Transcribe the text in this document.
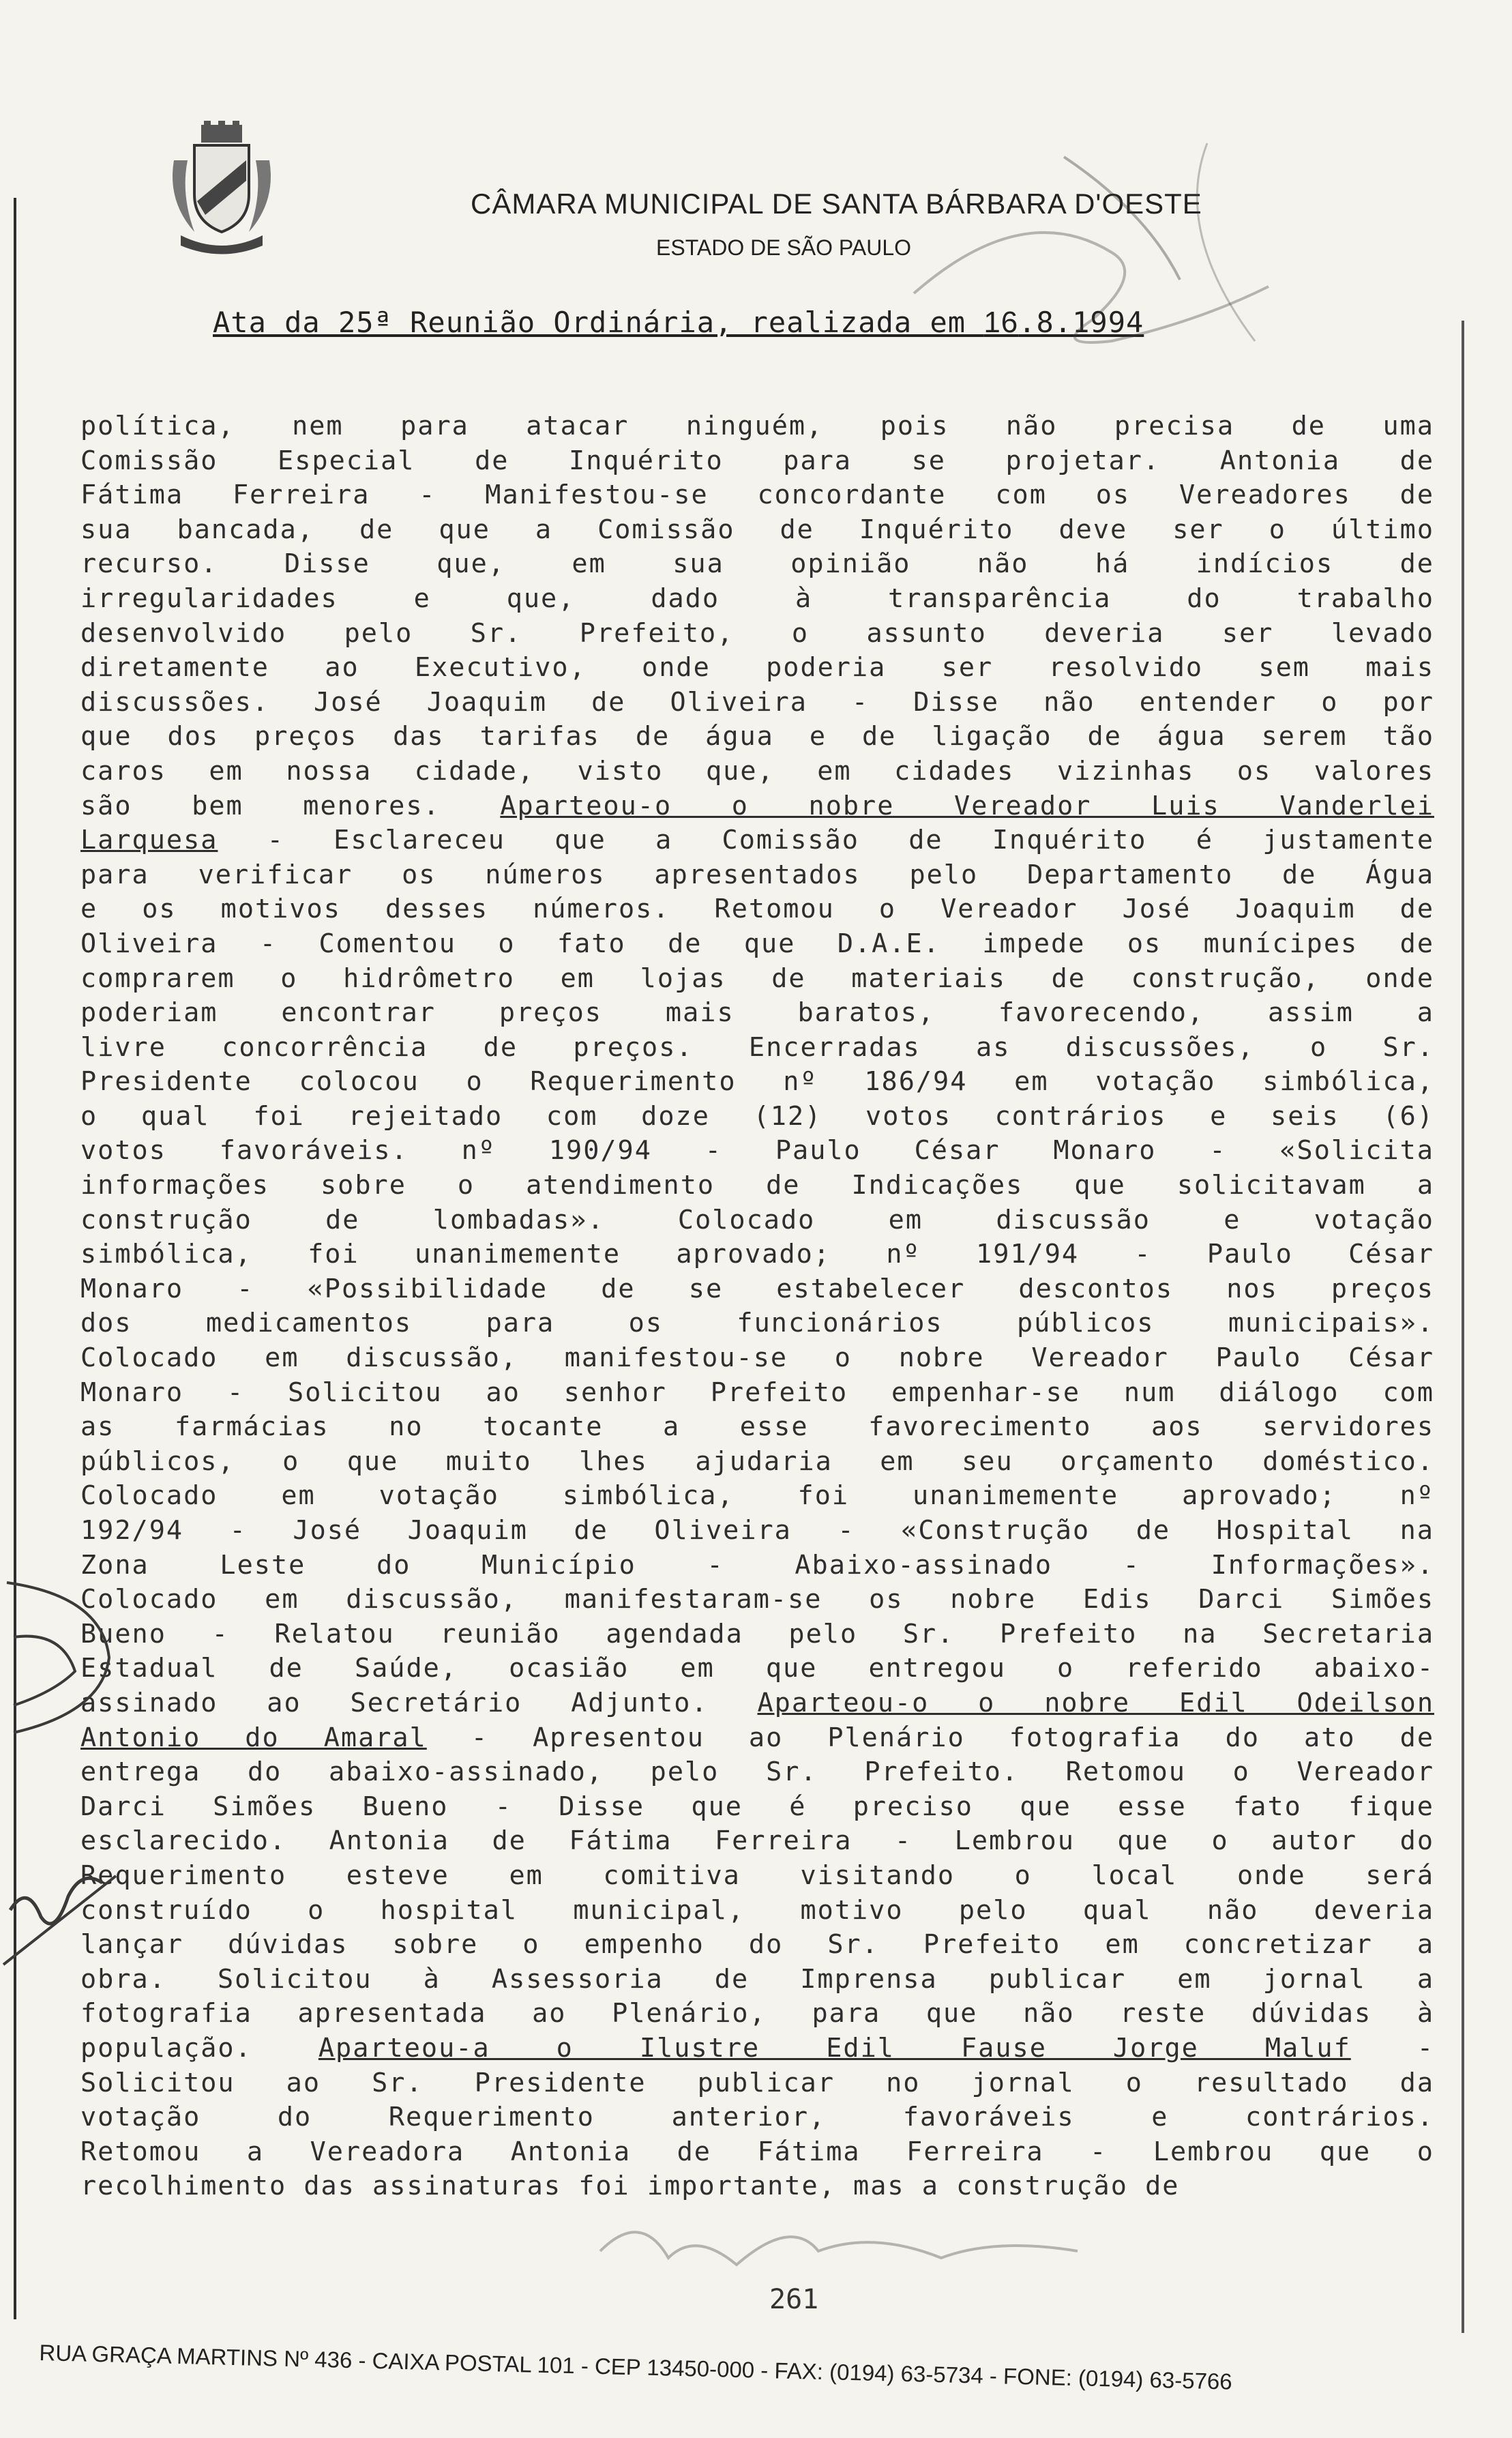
CÂMARA MUNICIPAL DE SANTA BÁRBARA D'OESTE
ESTADO DE SÃO PAULO
Ata da 25ª Reunião Ordinária, realizada em 16.8.1994
política, nem para atacar ninguém, pois não precisa de uma
Comissão Especial de Inquérito para se projetar. Antonia de
Fátima Ferreira - Manifestou-se concordante com os Vereadores de
sua bancada, de que a Comissão de Inquérito deve ser o último
recurso. Disse que, em sua opinião não há indícios de
irregularidades e que, dado à transparência do trabalho
desenvolvido pelo Sr. Prefeito, o assunto deveria ser levado
diretamente ao Executivo, onde poderia ser resolvido sem mais
discussões. José Joaquim de Oliveira - Disse não entender o por
que dos preços das tarifas de água e de ligação de água serem tão
caros em nossa cidade, visto que, em cidades vizinhas os valores
são bem menores. Aparteou-o o nobre Vereador Luis Vanderlei
Larquesa - Esclareceu que a Comissão de Inquérito é justamente
para verificar os números apresentados pelo Departamento de Água
e os motivos desses números. Retomou o Vereador José Joaquim de
Oliveira - Comentou o fato de que D.A.E. impede os munícipes de
comprarem o hidrômetro em lojas de materiais de construção, onde
poderiam encontrar preços mais baratos, favorecendo, assim a
livre concorrência de preços. Encerradas as discussões, o Sr.
Presidente colocou o Requerimento nº 186/94 em votação simbólica,
o qual foi rejeitado com doze (12) votos contrários e seis (6)
votos favoráveis. nº 190/94 - Paulo César Monaro - «Solicita
informações sobre o atendimento de Indicações que solicitavam a
construção de lombadas». Colocado em discussão e votação
simbólica, foi unanimemente aprovado; nº 191/94 - Paulo César
Monaro - «Possibilidade de se estabelecer descontos nos preços
dos medicamentos para os funcionários públicos municipais».
Colocado em discussão, manifestou-se o nobre Vereador Paulo César
Monaro - Solicitou ao senhor Prefeito empenhar-se num diálogo com
as farmácias no tocante a esse favorecimento aos servidores
públicos, o que muito lhes ajudaria em seu orçamento doméstico.
Colocado em votação simbólica, foi unanimemente aprovado; nº
192/94 - José Joaquim de Oliveira - «Construção de Hospital na
Zona Leste do Município - Abaixo-assinado - Informações».
Colocado em discussão, manifestaram-se os nobre Edis Darci Simões
Bueno - Relatou reunião agendada pelo Sr. Prefeito na Secretaria
Estadual de Saúde, ocasião em que entregou o referido abaixo-
assinado ao Secretário Adjunto. Aparteou-o o nobre Edil Odeilson
Antonio do Amaral - Apresentou ao Plenário fotografia do ato de
entrega do abaixo-assinado, pelo Sr. Prefeito. Retomou o Vereador
Darci Simões Bueno - Disse que é preciso que esse fato fique
esclarecido. Antonia de Fátima Ferreira - Lembrou que o autor do
Requerimento esteve em comitiva visitando o local onde será
construído o hospital municipal, motivo pelo qual não deveria
lançar dúvidas sobre o empenho do Sr. Prefeito em concretizar a
obra. Solicitou à Assessoria de Imprensa publicar em jornal a
fotografia apresentada ao Plenário, para que não reste dúvidas à
população. Aparteou-a o Ilustre Edil Fause Jorge Maluf -
Solicitou ao Sr. Presidente publicar no jornal o resultado da
votação do Requerimento anterior, favoráveis e contrários.
Retomou a Vereadora Antonia de Fátima Ferreira - Lembrou que o
recolhimento das assinaturas foi importante, mas a construção de
261
RUA GRAÇA MARTINS Nº 436 - CAIXA POSTAL 101 - CEP 13450-000 - FAX: (0194) 63-5734 - FONE: (0194) 63-5766
